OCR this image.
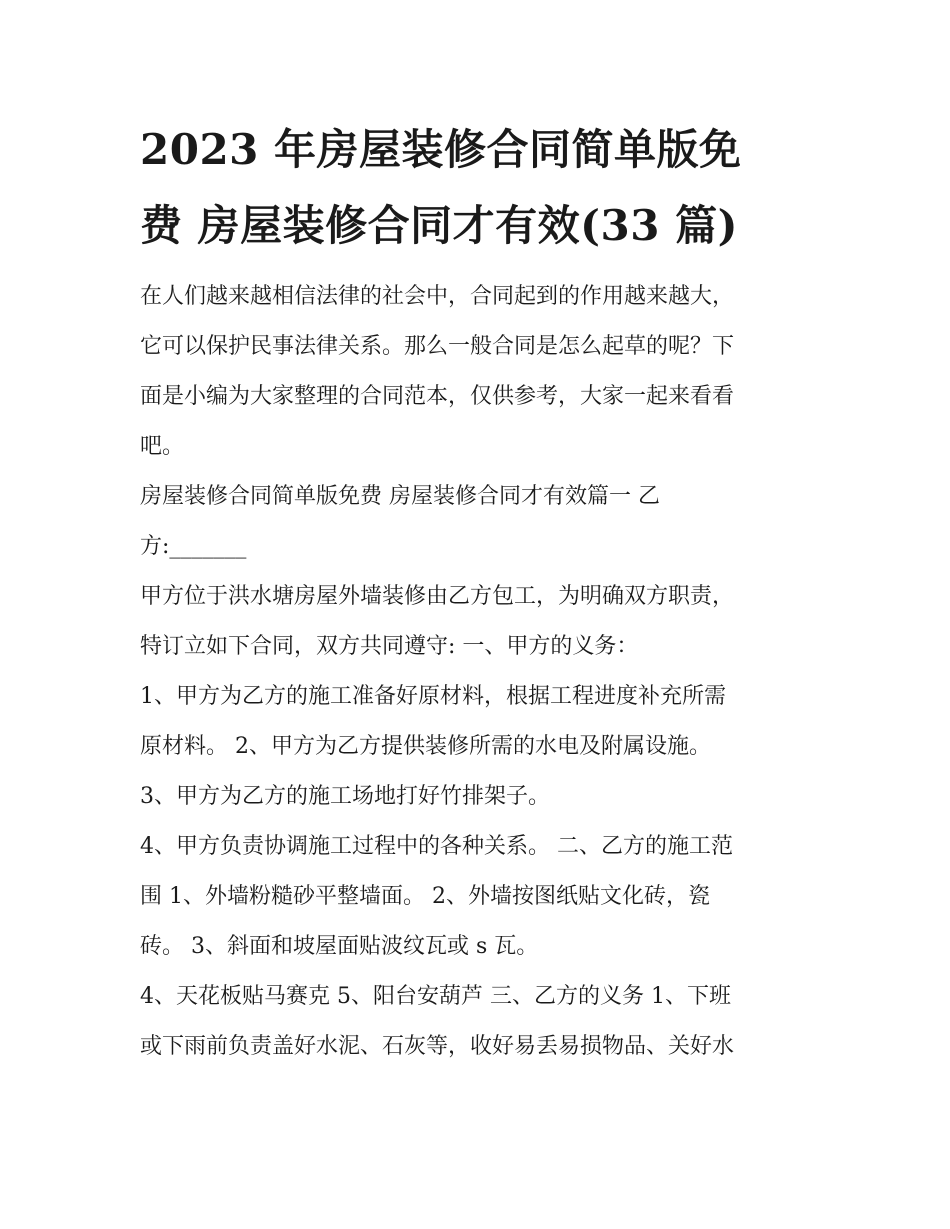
2023 年房屋装修合同简单版免
费 房屋装修合同才有效(33 篇)
在人们越来越相信法律的社会中，合同起到的作用越来越大，
它可以保护民事法律关系。那么一般合同是怎么起草的呢？下
面是小编为大家整理的合同范本，仅供参考，大家一起来看看
吧。
房屋装修合同简单版免费 房屋装修合同才有效篇一 乙
方:_______
甲方位于洪水塘房屋外墙装修由乙方包工，为明确双方职责，
特订立如下合同，双方共同遵守: 一、甲方的义务：
1、甲方为乙方的施工准备好原材料，根据工程进度补充所需
原材料。 2、甲方为乙方提供装修所需的水电及附属设施。
3、甲方为乙方的施工场地打好竹排架子。
4、甲方负责协调施工过程中的各种关系。 二、乙方的施工范
围 1、外墙粉糙砂平整墙面。 2、外墙按图纸贴文化砖，瓷
砖。 3、斜面和坡屋面贴波纹瓦或 s 瓦。
4、天花板贴马赛克 5、阳台安葫芦 三、乙方的义务 1、下班
或下雨前负责盖好水泥、石灰等，收好易丢易损物品、关好水
